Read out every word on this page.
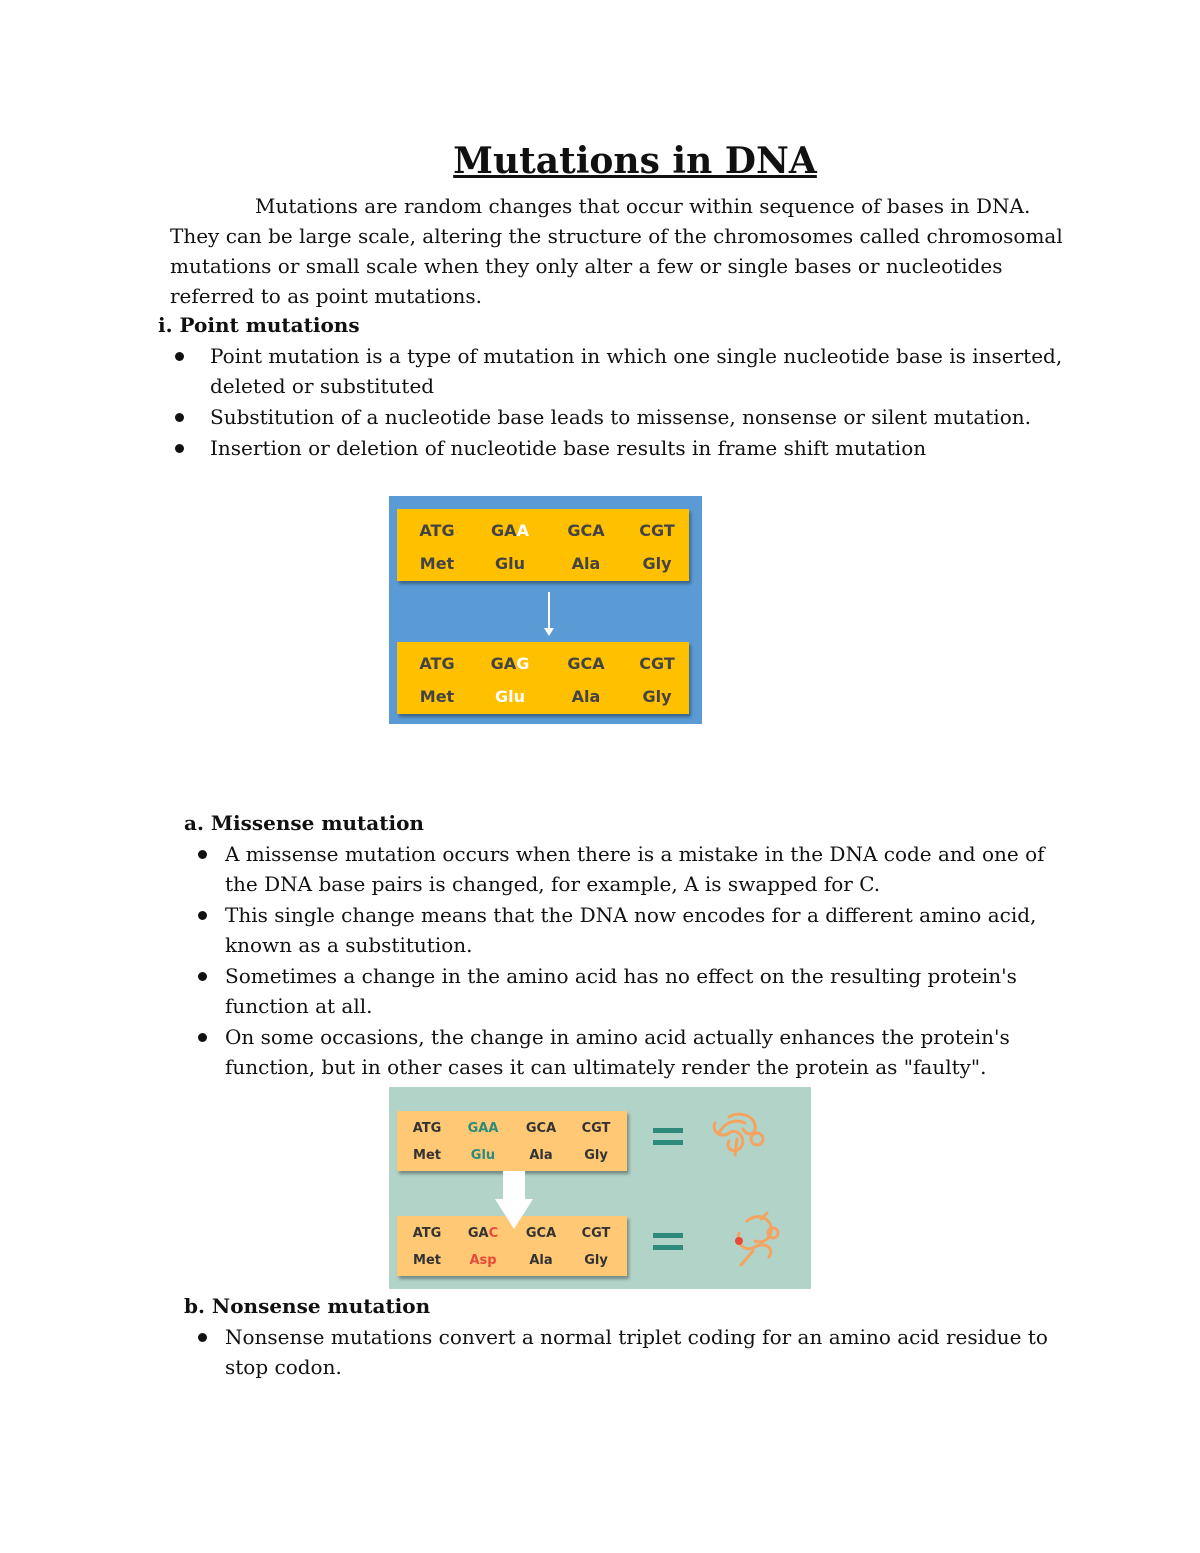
Mutations in DNA
Mutations are random changes that occur within sequence of bases in DNA.
They can be large scale, altering the structure of the chromosomes called chromosomal
mutations or small scale when they only alter a few or single bases or nucleotides
referred to as point mutations.
i. Point mutations
Point mutation is a type of mutation in which one single nucleotide base is inserted,
deleted or substituted
Substitution of a nucleotide base leads to missense, nonsense or silent mutation.
Insertion or deletion of nucleotide base results in frame shift mutation
ATG	GAA	GCA	CGT
Met	Glu	Ala	Gly
ATG	GAG	GCA	CGT
Met	Glu	Ala	Gly
a. Missense mutation
A missense mutation occurs when there is a mistake in the DNA code and one of
the DNA base pairs is changed, for example, A is swapped for C.
This single change means that the DNA now encodes for a different amino acid,
known as a substitution.
Sometimes a change in the amino acid has no effect on the resulting protein's
function at all.
On some occasions, the change in amino acid actually enhances the protein's
function, but in other cases it can ultimately render the protein as "faulty".
ATG	GAA	GCA	CGT
Met	Glu	Ala	Gly
ATG	GAC	GCA	CGT
Met	Asp	Ala	Gly
b. Nonsense mutation
Nonsense mutations convert a normal triplet coding for an amino acid residue to
stop codon.
